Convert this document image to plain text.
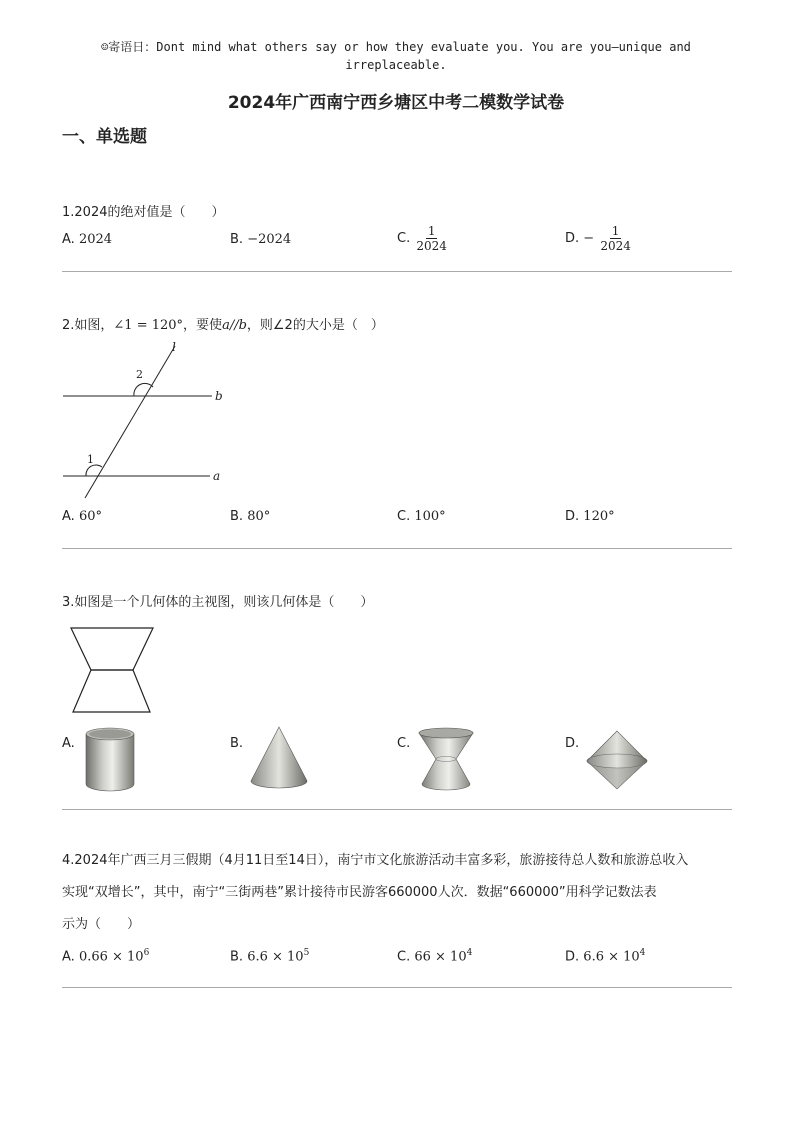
☺寄语日：Dont mind what others say or how they evaluate you. You are you—unique and
irreplaceable.
2024年广西南宁西乡塘区中考二模数学试卷
一、单选题
1.2024的绝对值是（　　）
A. 2024	B. −2024	C. $\frac{1}{2024}$	D. − $\frac{1}{2024}$
2.如图，∠1 = 120°，要使a//b，则∠2的大小是（　）
l
b
a
2
1
A. 60°	B. 80°	C. 100°	D. 120°
3.如图是一个几何体的主视图，则该几何体是（　　）
A.	B.	C.	D.
4.2024年广西三月三假期（4月11日至14日），南宁市文化旅游活动丰富多彩，旅游接待总人数和旅游总收入
实现“双增长”，其中，南宁“三街两巷”累计接待市民游客660000人次．数据“660000”用科学记数法表
示为（　　）
A. $0.66 \times 10^6$	B. $6.6 \times 10^5$	C. $66 \times 10^4$	D. $6.6 \times 10^4$
